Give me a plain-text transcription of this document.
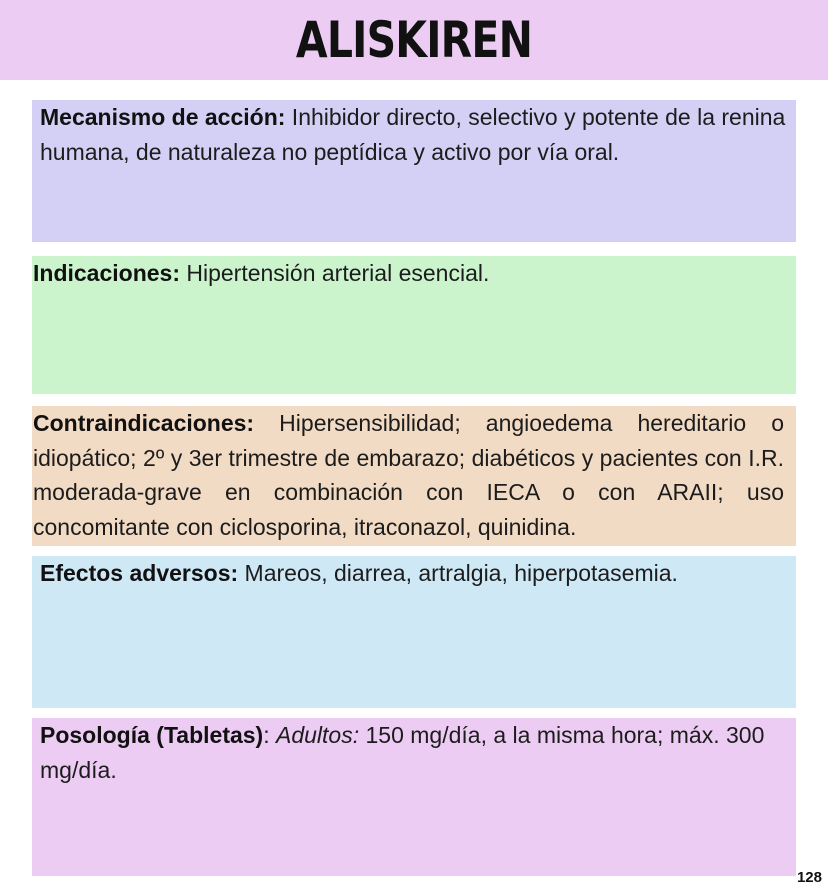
ALISKIREN

Mecanismo de acción: Inhibidor directo, selectivo y potente de la renina humana, de naturaleza no peptídica y activo por vía oral.

Indicaciones: Hipertensión arterial esencial.

Contraindicaciones: Hipersensibilidad; angioedema hereditario o idiopático; 2º y 3er trimestre de embarazo; diabéticos y pacientes con I.R. moderada-grave en combinación con IECA o con ARAII; uso concomitante con ciclosporina, itraconazol, quinidina.

Efectos adversos: Mareos, diarrea, artralgia, hiperpotasemia.

Posología (Tabletas): Adultos: 150 mg/día, a la misma hora; máx. 300 mg/día.

128
